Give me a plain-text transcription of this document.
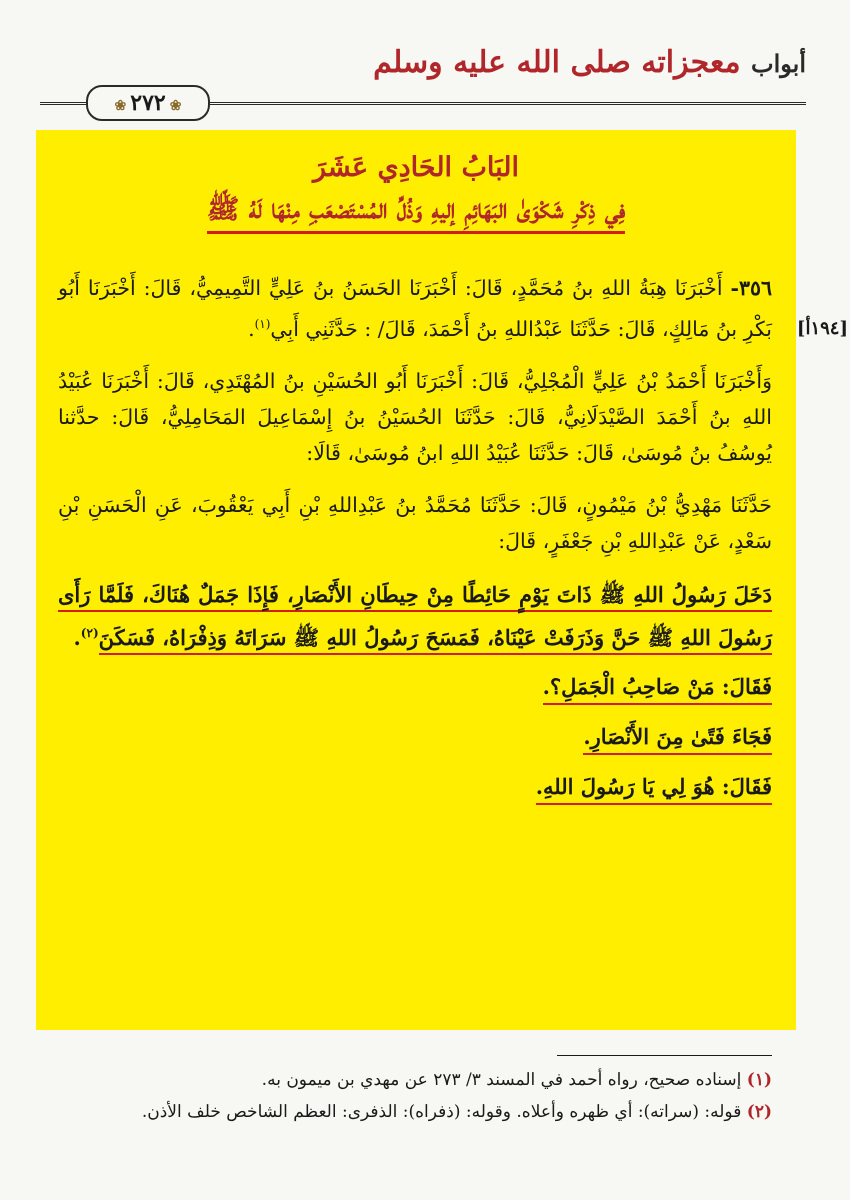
أبواب معجزاته صلى الله عليه وسلم
❀٢٧٢❀
[١٩٤أ]
البَابُ الحَادِي عَشَرَ
فِي ذِكْرِ شَكْوَىٰ البَهَائِمِ إليهِ وَذُلِّ المُسْتَصْعَبِ مِنْهَا لَهُ ﷺ

٣٥٦- أَخْبَرَنَا هِبَةُ اللهِ بنُ مُحَمَّدٍ، قَالَ: أَخْبَرَنَا الحَسَنُ بنُ عَلِيٍّ التَّمِيمِيُّ، قَالَ: أَخْبَرَنَا أَبُو بَكْرِ بنُ مَالِكٍ، قَالَ: حَدَّثَنَا عَبْدُاللهِ بنُ أَحْمَدَ، قَالَ/ : حَدَّثَنِي أَبِي$^{(١)}$.

وَأَخْبَرَنَا أَحْمَدُ بْنُ عَلِيٍّ الْمُجْلِيُّ، قَالَ: أَخْبَرَنَا أَبُو الحُسَيْنِ بنُ المُهْتَدِي، قَالَ: أَخْبَرَنَا عُبَيْدُ اللهِ بنُ أَحْمَدَ الصَّيْدَلَانِيُّ، قَالَ: حَدَّثَنَا الحُسَيْنُ بنُ إِسْمَاعِيلَ المَحَامِلِيُّ، قَالَ: حدَّثنا يُوسُفُ بنُ مُوسَىٰ، قَالَ: حَدَّثَنَا عُبَيْدُ اللهِ ابنُ مُوسَىٰ، قَالَا:

حَدَّثَنَا مَهْدِيُّ بْنُ مَيْمُونٍ، قَالَ: حَدَّثَنَا مُحَمَّدُ بنُ عَبْدِاللهِ بْنِ أَبِي يَعْقُوبَ، عَنِ الْحَسَنِ بْنِ سَعْدٍ، عَنْ عَبْدِاللهِ بْنِ جَعْفَرٍ، قَالَ:

دَخَلَ رَسُولُ اللهِ ﷺ ذَاتَ يَوْمٍ حَائِطًا مِنْ حِيطَانِ الأَنْصَارِ، فَإِذَا جَمَلٌ هُنَاكَ، فَلَمَّا رَأَى رَسُولَ اللهِ ﷺ حَنَّ وَذَرَفَتْ عَيْنَاهُ، فَمَسَحَ رَسُولُ اللهِ ﷺ سَرَاتَهُ وَذِفْرَاهُ، فَسَكَنَ$^{(٢)}$.

فَقَالَ: مَنْ صَاحِبُ الْجَمَلِ؟.

فَجَاءَ فَتًىٰ مِنَ الأَنْصَارِ.

فَقَالَ: هُوَ لِي يَا رَسُولَ اللهِ.

(١) إسناده صحيح، رواه أحمد في المسند ٣/ ٢٧٣ عن مهدي بن ميمون به.
(٢) قوله: (سراته): أي ظهره وأعلاه. وقوله: (ذفراه): الذفرى: العظم الشاخص خلف الأذن.
